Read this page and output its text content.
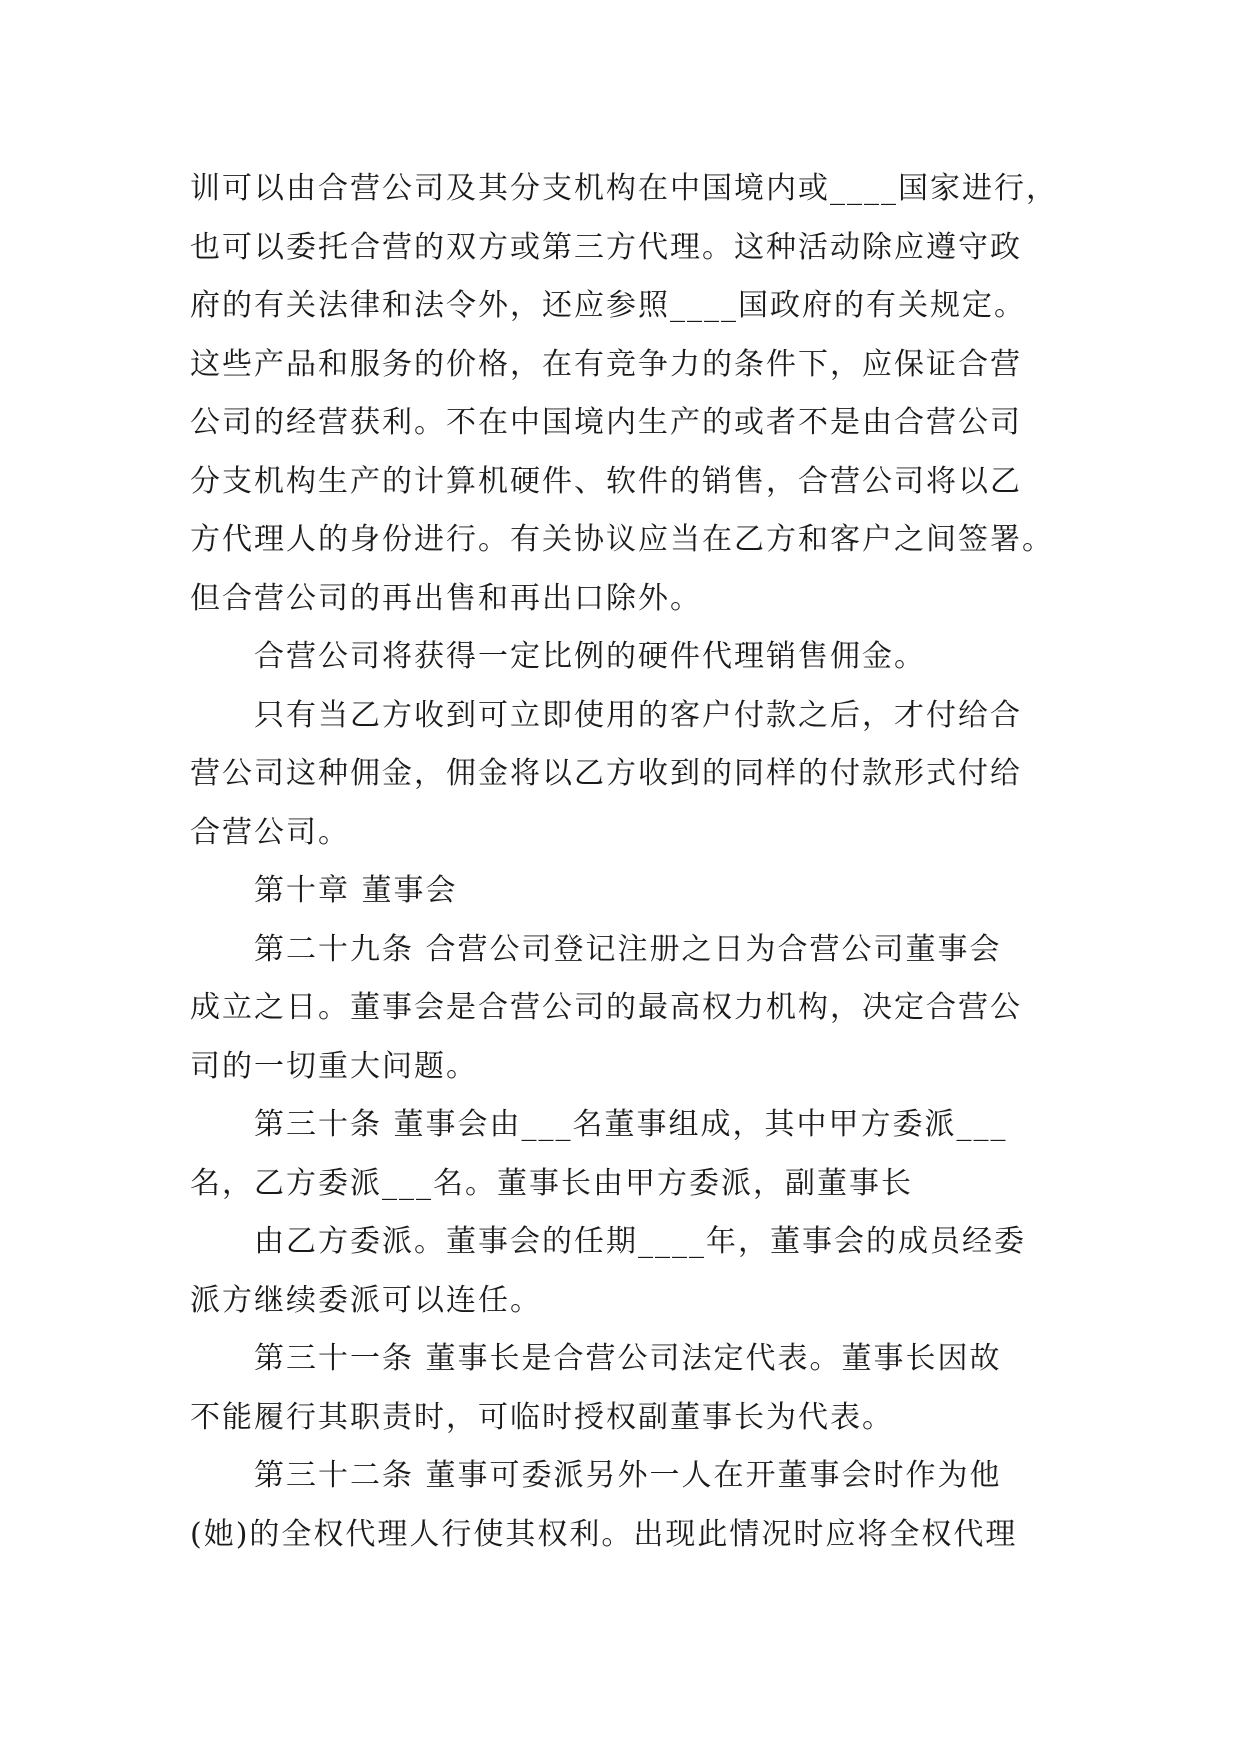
训可以由合营公司及其分支机构在中国境内或____国家进行，
也可以委托合营的双方或第三方代理。这种活动除应遵守政
府的有关法律和法令外，还应参照____国政府的有关规定。
这些产品和服务的价格，在有竞争力的条件下，应保证合营
公司的经营获利。不在中国境内生产的或者不是由合营公司
分支机构生产的计算机硬件、软件的销售，合营公司将以乙
方代理人的身份进行。有关协议应当在乙方和客户之间签署。
但合营公司的再出售和再出口除外。
合营公司将获得一定比例的硬件代理销售佣金。
只有当乙方收到可立即使用的客户付款之后，才付给合
营公司这种佣金，佣金将以乙方收到的同样的付款形式付给
合营公司。
第十章 董事会
第二十九条 合营公司登记注册之日为合营公司董事会
成立之日。董事会是合营公司的最高权力机构，决定合营公
司的一切重大问题。
第三十条 董事会由___名董事组成，其中甲方委派___
名，乙方委派___名。董事长由甲方委派，副董事长
由乙方委派。董事会的任期____年，董事会的成员经委
派方继续委派可以连任。
第三十一条 董事长是合营公司法定代表。董事长因故
不能履行其职责时，可临时授权副董事长为代表。
第三十二条 董事可委派另外一人在开董事会时作为他
(她)的全权代理人行使其权利。出现此情况时应将全权代理
